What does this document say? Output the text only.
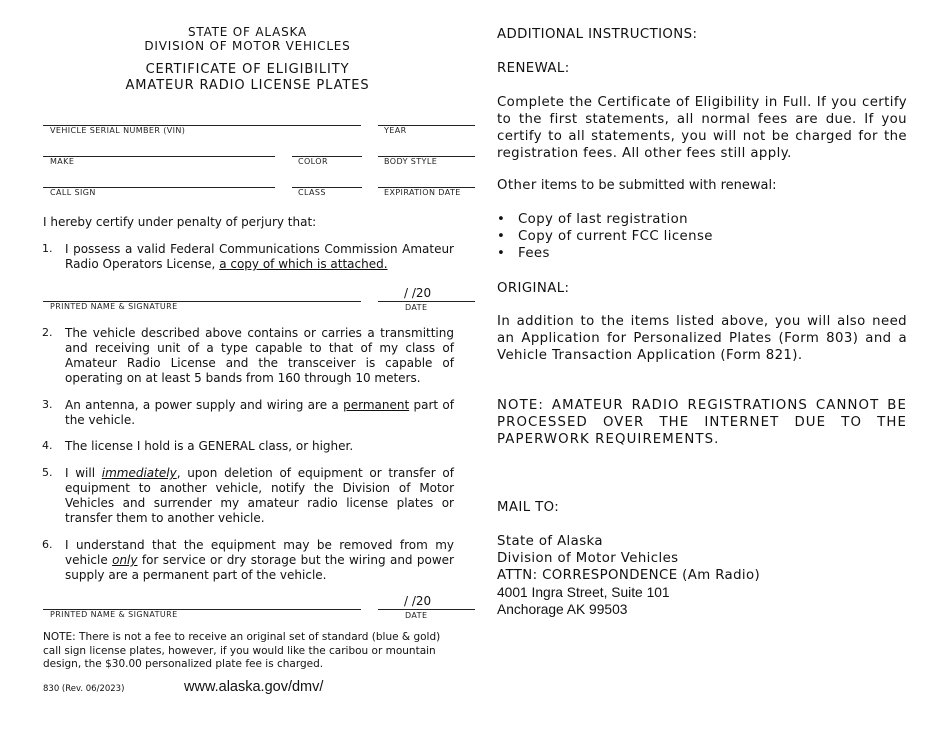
STATE OF ALASKA
DIVISION OF MOTOR VEHICLES
CERTIFICATE OF ELIGIBILITY
AMATEUR RADIO LICENSE PLATES
VEHICLE SERIAL NUMBER (VIN)	YEAR
MAKE	COLOR	BODY STYLE
CALL SIGN	CLASS	EXPIRATION DATE
I hereby certify under penalty of perjury that:
1. I possess a valid Federal Communications Commission Amateur Radio Operators License, a copy of which is attached.
/ /20
PRINTED NAME & SIGNATURE	DATE
2. The vehicle described above contains or carries a transmitting and receiving unit of a type capable to that of my class of Amateur Radio License and the transceiver is capable of operating on at least 5 bands from 160 through 10 meters.
3. An antenna, a power supply and wiring are a permanent part of the vehicle.
4. The license I hold is a GENERAL class, or higher.
5. I will immediately, upon deletion of equipment or transfer of equipment to another vehicle, notify the Division of Motor Vehicles and surrender my amateur radio license plates or transfer them to another vehicle.
6. I understand that the equipment may be removed from my vehicle only for service or dry storage but the wiring and power supply are a permanent part of the vehicle.
/ /20
PRINTED NAME & SIGNATURE	DATE
NOTE: There is not a fee to receive an original set of standard (blue & gold) call sign license plates, however, if you would like the caribou or mountain design, the $30.00 personalized plate fee is charged.
830 (Rev. 06/2023)	www.alaska.gov/dmv/
ADDITIONAL INSTRUCTIONS:
RENEWAL:
Complete the Certificate of Eligibility in Full. If you certify to the first statements, all normal fees are due. If you certify to all statements, you will not be charged for the registration fees. All other fees still apply.
Other items to be submitted with renewal:
• Copy of last registration
• Copy of current FCC license
• Fees
ORIGINAL:
In addition to the items listed above, you will also need an Application for Personalized Plates (Form 803) and a Vehicle Transaction Application (Form 821).
NOTE: AMATEUR RADIO REGISTRATIONS CANNOT BE PROCESSED OVER THE INTERNET DUE TO THE PAPERWORK REQUIREMENTS.
MAIL TO:
State of Alaska
Division of Motor Vehicles
ATTN: CORRESPONDENCE (Am Radio)
4001 Ingra Street, Suite 101
Anchorage AK 99503
